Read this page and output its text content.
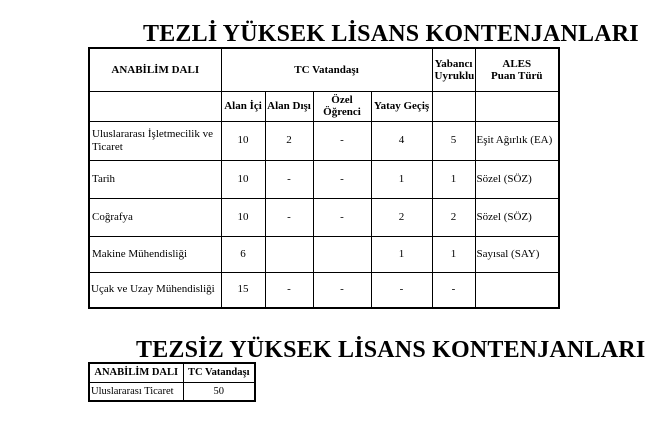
TEZLİ YÜKSEK LİSANS KONTENJANLARI
ANABİLİM DALI	TC Vatandaşı				Yabancı Uyruklu	ALES Puan Türü
	Alan İçi	Alan Dışı	Özel Öğrenci	Yatay Geçiş		
Uluslararası İşletmecilik ve Ticaret	10	2	-	4	5	Eşit Ağırlık (EA)
Tarih	10	-	-	1	1	Sözel (SÖZ)
Coğrafya	10	-	-	2	2	Sözel (SÖZ)
Makine Mühendisliği	6			1	1	Sayısal (SAY)
Uçak ve Uzay Mühendisliği	15	-	-	-	-	
TEZSİZ YÜKSEK LİSANS KONTENJANLARI
ANABİLİM DALI	TC Vatandaşı
Uluslararası Ticaret	50
